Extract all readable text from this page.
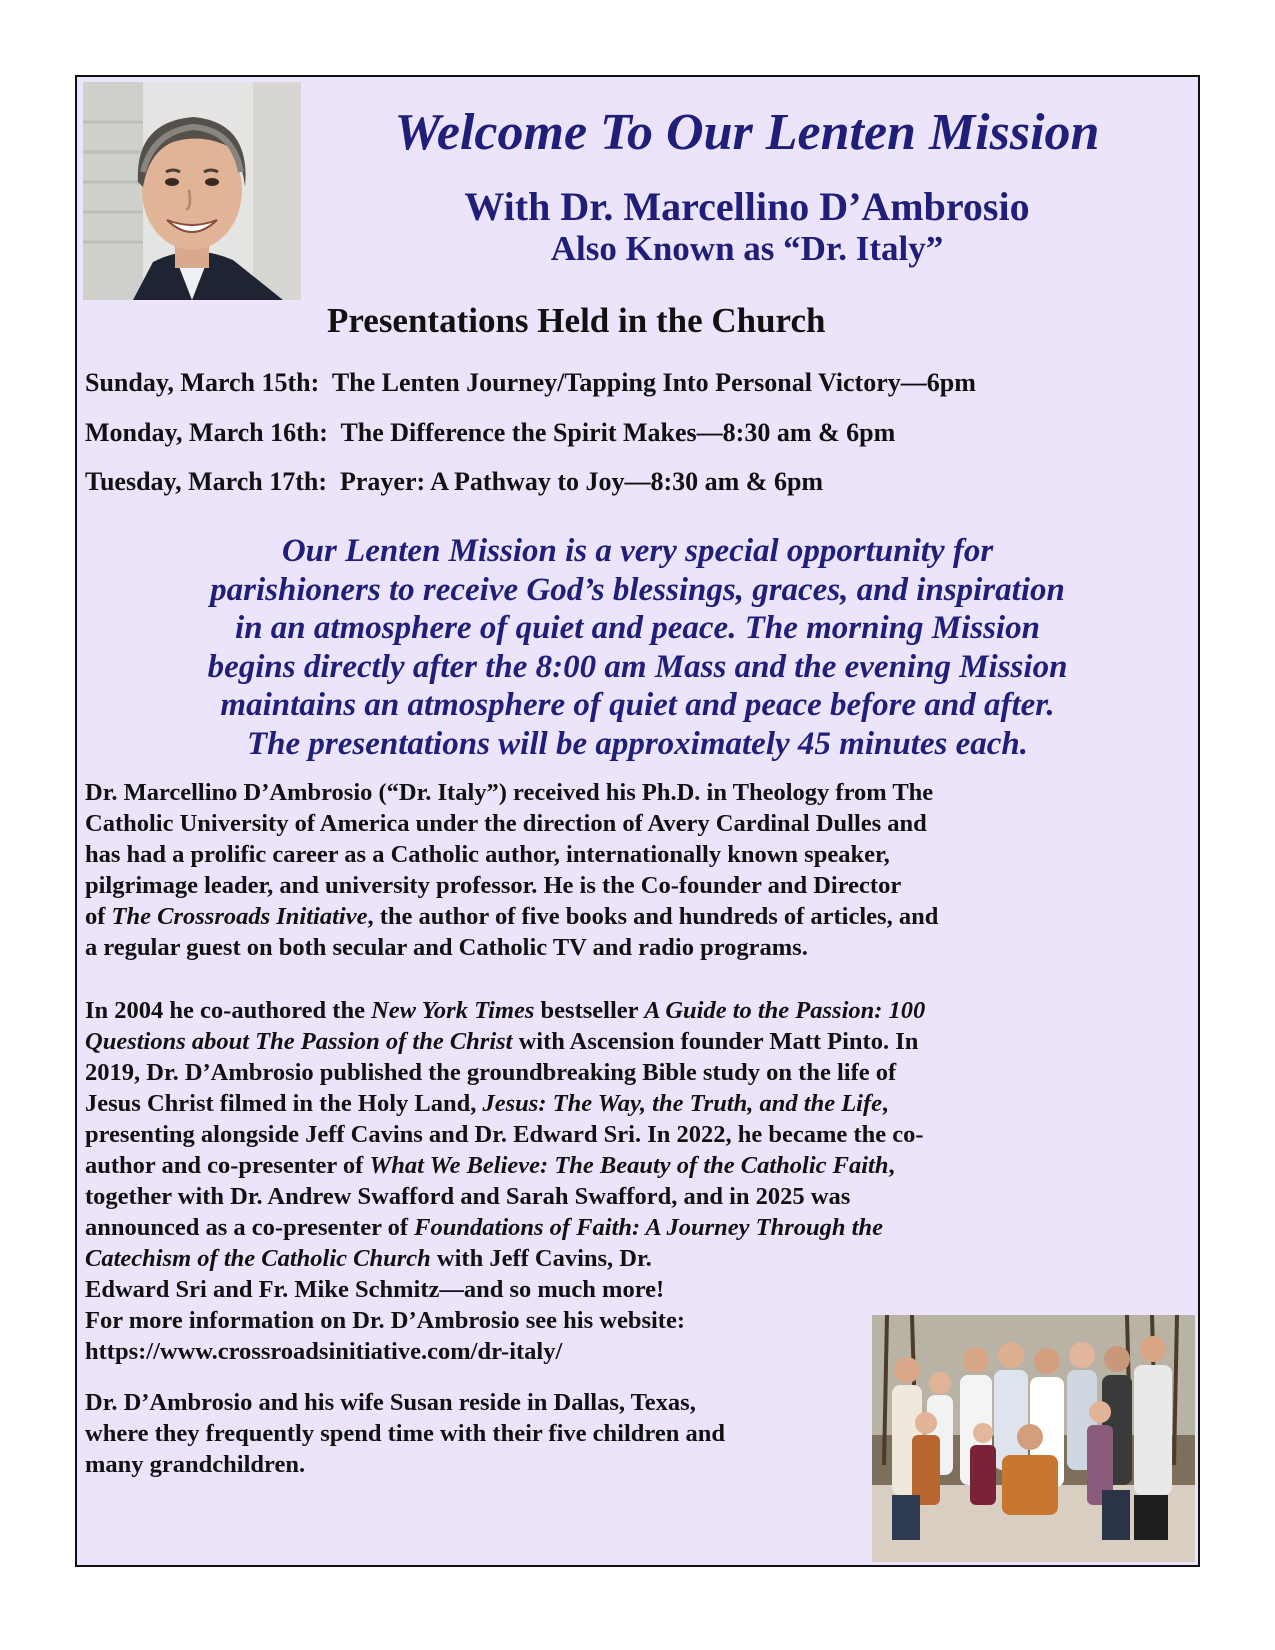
Welcome To Our Lenten Mission
With Dr. Marcellino D’Ambrosio
Also Known as “Dr. Italy”
Presentations Held in the Church
Sunday, March 15th:  The Lenten Journey/Tapping Into Personal Victory—6pm
Monday, March 16th:  The Difference the Spirit Makes—8:30 am & 6pm
Tuesday, March 17th:  Prayer: A Pathway to Joy—8:30 am & 6pm
Our Lenten Mission is a very special opportunity for
parishioners to receive God’s blessings, graces, and inspiration
in an atmosphere of quiet and peace. The morning Mission
begins directly after the 8:00 am Mass and the evening Mission
maintains an atmosphere of quiet and peace before and after.
The presentations will be approximately 45 minutes each.
Dr. Marcellino D’Ambrosio (“Dr. Italy”) received his Ph.D. in Theology from The
Catholic University of America under the direction of Avery Cardinal Dulles and
has had a prolific career as a Catholic author, internationally known speaker,
pilgrimage leader, and university professor. He is the Co-founder and Director
of The Crossroads Initiative, the author of five books and hundreds of articles, and
a regular guest on both secular and Catholic TV and radio programs.
In 2004 he co-authored the New York Times bestseller A Guide to the Passion: 100
Questions about The Passion of the Christ with Ascension founder Matt Pinto. In
2019, Dr. D’Ambrosio published the groundbreaking Bible study on the life of
Jesus Christ filmed in the Holy Land, Jesus: The Way, the Truth, and the Life,
presenting alongside Jeff Cavins and Dr. Edward Sri. In 2022, he became the co-
author and co-presenter of What We Believe: The Beauty of the Catholic Faith,
together with Dr. Andrew Swafford and Sarah Swafford, and in 2025 was
announced as a co-presenter of Foundations of Faith: A Journey Through the
Catechism of the Catholic Church with Jeff Cavins, Dr.
Edward Sri and Fr. Mike Schmitz—and so much more!
For more information on Dr. D’Ambrosio see his website:
https://www.crossroadsinitiative.com/dr-italy/
Dr. D’Ambrosio and his wife Susan reside in Dallas, Texas,
where they frequently spend time with their five children and
many grandchildren.
